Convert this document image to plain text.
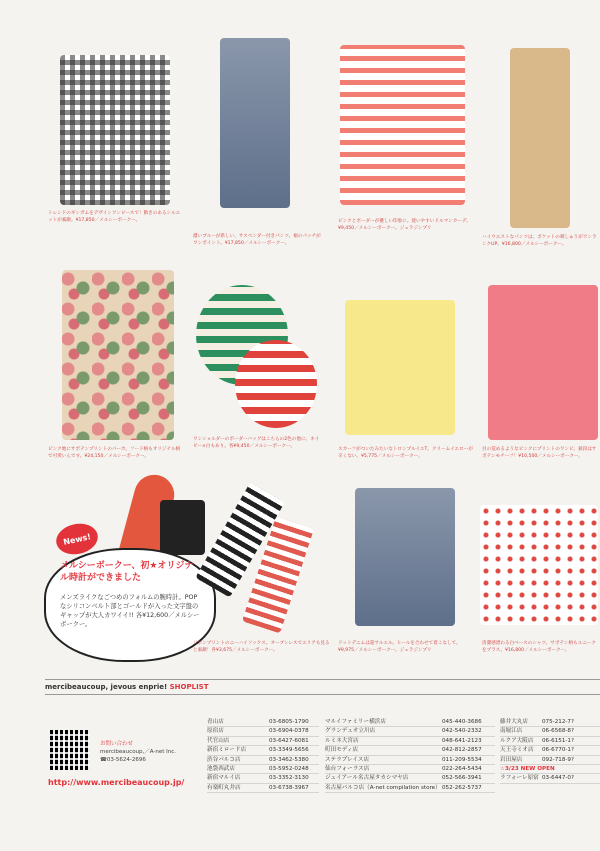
トレンドのギンガムをデザインワンピースで！動きのあるシルエットが素敵。¥17,850／メルシーボークー。
濃いブルーが新しい、サスペンダー付きパンツ。裾のパッチがワンポイント。¥17,850／メルシーボークー。
ピンクとボーダーが優しい印象に。使いやすいドルマンカーデ。¥9,450／メルシーボークー。ジェラジンプリ
ハイウエストなパンツは、ポケットの刺しゅうがワンランクUP。¥16,800／メルシーボークー。
ピンク地にサボテンプリントのパーカ。フード柄もオリジナル柄で可愛いんです。¥24,150／メルシーボークー。
ワンショルダーのボーダーバッグはこちらの2色の他に、ネイビー×白もあり。各¥9,450／メルシーボークー。
スカーフがついたみたいなトロンプルイユT。クリームイエローが辛くない。¥5,775／メルシーボークー。
目の覚めるようなピンクにプリントのワンピ。値段はサボテンモチーフ！¥10,500／メルシーボークー。
News!
メルシーボークー、初★オリジナル時計ができました
メンズライクなごつめのフォルムの腕時計。POPなシリコンベルト部とゴールドが入った文字盤のギャップが大人カワイイ!! 各¥12,600／メルシーボークー。
リボンプリントのニーハイソックス。オーブンレスでエリアも見ると素敵！各¥3,675／メルシーボークー。
ドットデニムは超サルエル。ヒールを合わせて着こなして。¥9,975／メルシーボークー。ジェラジンプリ
清潔感漂わる白ベースのシャツ。サボテン柄もユニークをプラス。¥16,800／メルシーボークー。
mercibeaucoup, jevous enprie! SHOPLIST
お問い合わせ
mercibeaucoup,／A-net Inc.
☎03-5624-2696
http://www.mercibeaucoup.jp/
青山店	03-6805-1790
原宿店	03-6904-0378
代官山店	03-6427-6081
新宿ミロード店	03-3349-5656
渋谷パルコ店	03-3462-5380
池袋西武店	03-5952-0248
新宿マルイ店	03-3352-3130
有楽町丸井店	03-6738-3967
マルイファミリー横浜店	045-440-3686
グランデュオ立川店	042-540-2332
ルミネ大宮店	048-641-2123
町田モディ店	042-812-2857
ステラプレイス店	011-209-5534
仙台フォーラス店	022-264-5434
ジェイアール名古屋タカシマヤ店	052-566-3941
名古屋パルコ店（A-net compilation store） 052-262-5737
藤井大丸店	075-212-7?
南堀江店	06-6568-8?
ルクア大阪店	06-6151-1?
天王寺ミオ店	06-6770-1?
岩田屋店	092-718-9?
☆3/23 NEW OPEN
ラフォーレ原宿 03-6447-0?
